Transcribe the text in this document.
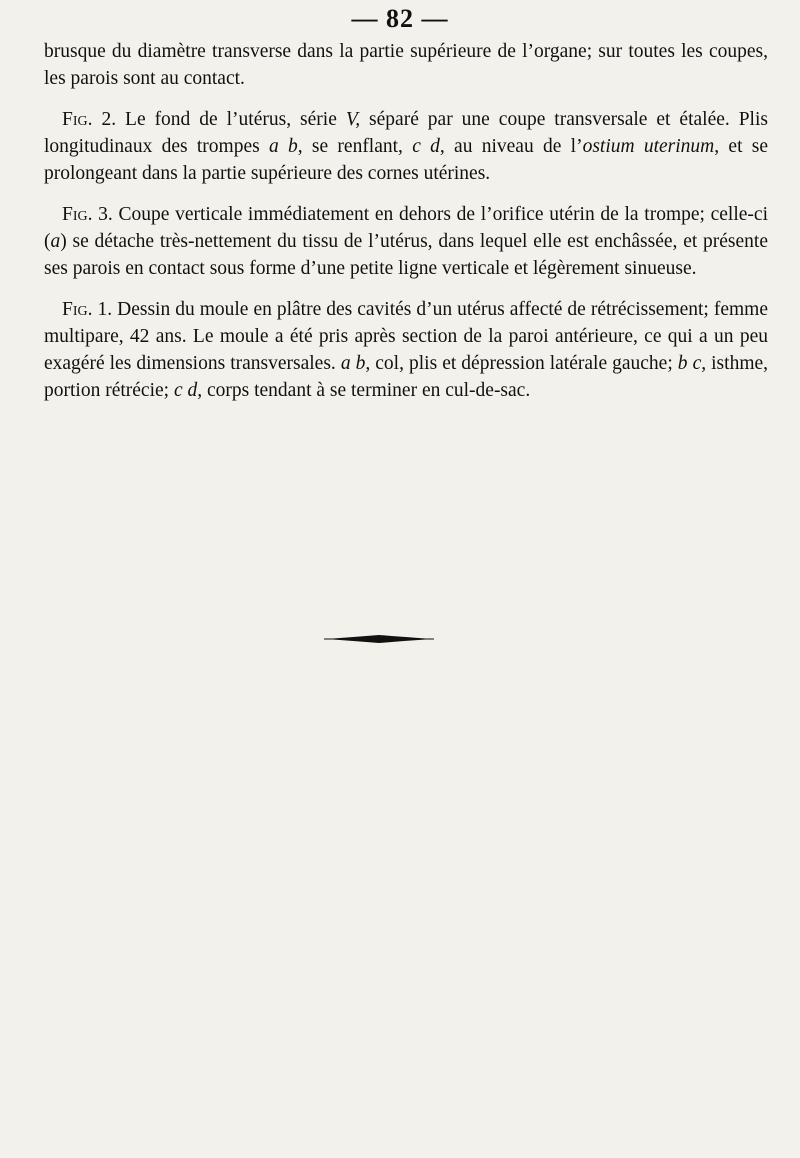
— 82 —

brusque du diamètre transverse dans la partie supérieure de l’organe; sur toutes les coupes, les parois sont au contact.

Fig. 2. Le fond de l’utérus, série V, séparé par une coupe transversale et étalée. Plis longitudinaux des trompes a b, se renflant, c d, au niveau de l’ostium uterinum, et se prolongeant dans la partie supérieure des cornes utérines.

Fig. 3. Coupe verticale immédiatement en dehors de l’orifice utérin de la trompe; celle-ci (a) se détache très-nettement du tissu de l’utérus, dans lequel elle est enchâssée, et présente ses parois en contact sous forme d’une petite ligne verticale et légèrement sinueuse.

Fig. 1. Dessin du moule en plâtre des cavités d’un utérus affecté de rétrécissement; femme multipare, 42 ans. Le moule a été pris après section de la paroi antérieure, ce qui a un peu exagéré les dimensions transversales. a b, col, plis et dépression latérale gauche; b c, isthme, portion rétrécie; c d, corps tendant à se terminer en cul-de-sac.
